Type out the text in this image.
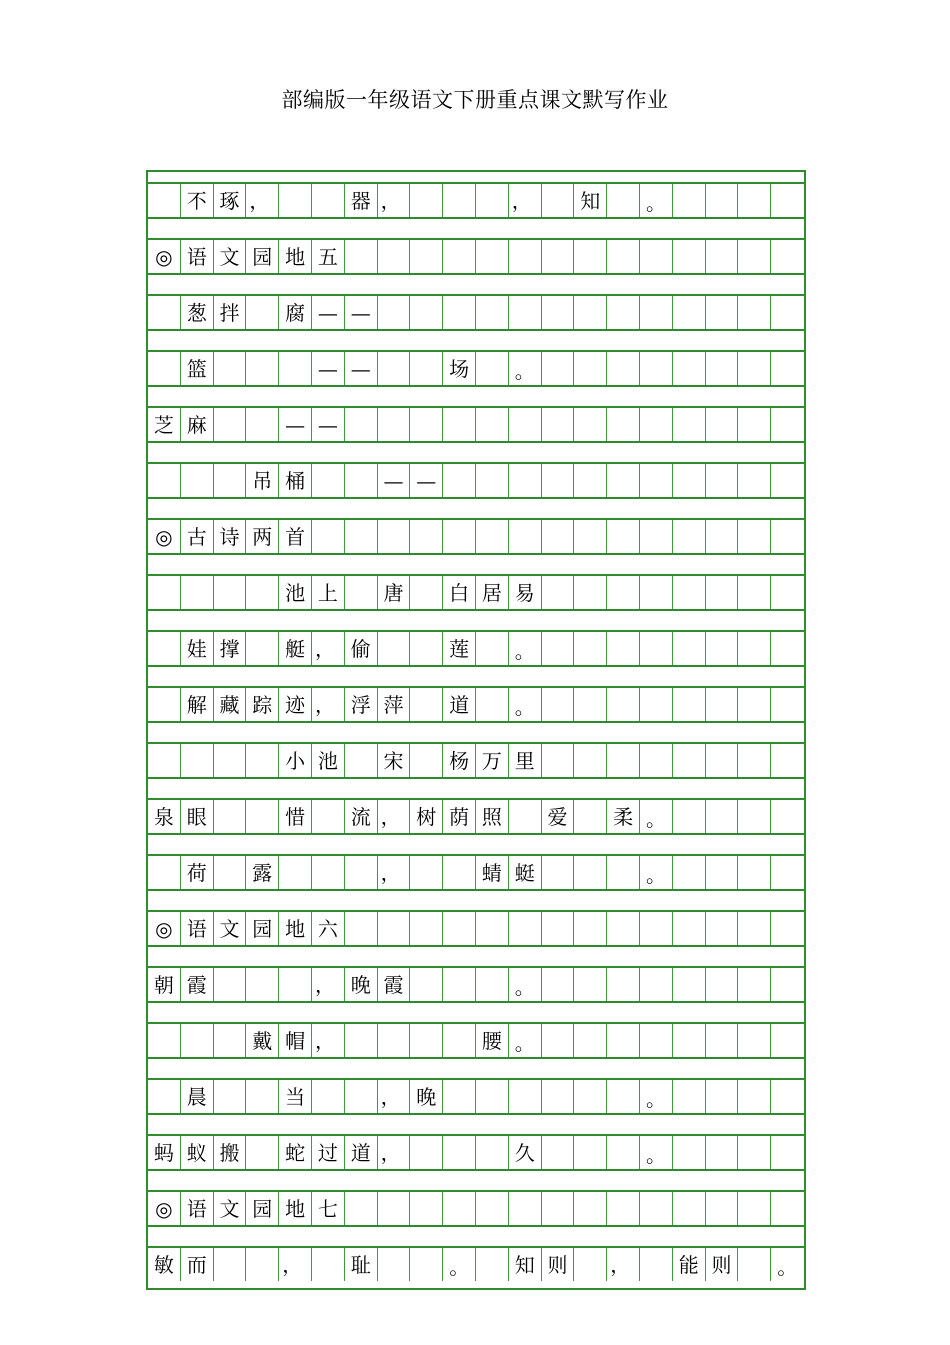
部编版一年级语文下册重点课文默写作业
不 琢 ，	器 ，	，	知	。
◎ 语 文 园 地 五
葱 拌	腐 — —
篮	— —	场	。
芝 麻	— —
吊 桶	— —
◎ 古 诗 两 首
池 上	唐	白 居 易
娃 撑	艇 ， 偷	莲	。
解 藏 踪 迹 ， 浮 萍	道	。
小 池	宋	杨 万 里
泉 眼	惜	流 ， 树 荫 照	爱	柔 。
荷	露	，	蜻 蜓	。
◎ 语 文 园 地 六
朝 霞	， 晚 霞	。
戴 帽 ，	腰 。
晨	当	， 晚	。
蚂 蚁 搬	蛇 过 道 ，	久	。
◎ 语 文 园 地 七
敏 而	，	耻	。	知 则	，	能 则	。
